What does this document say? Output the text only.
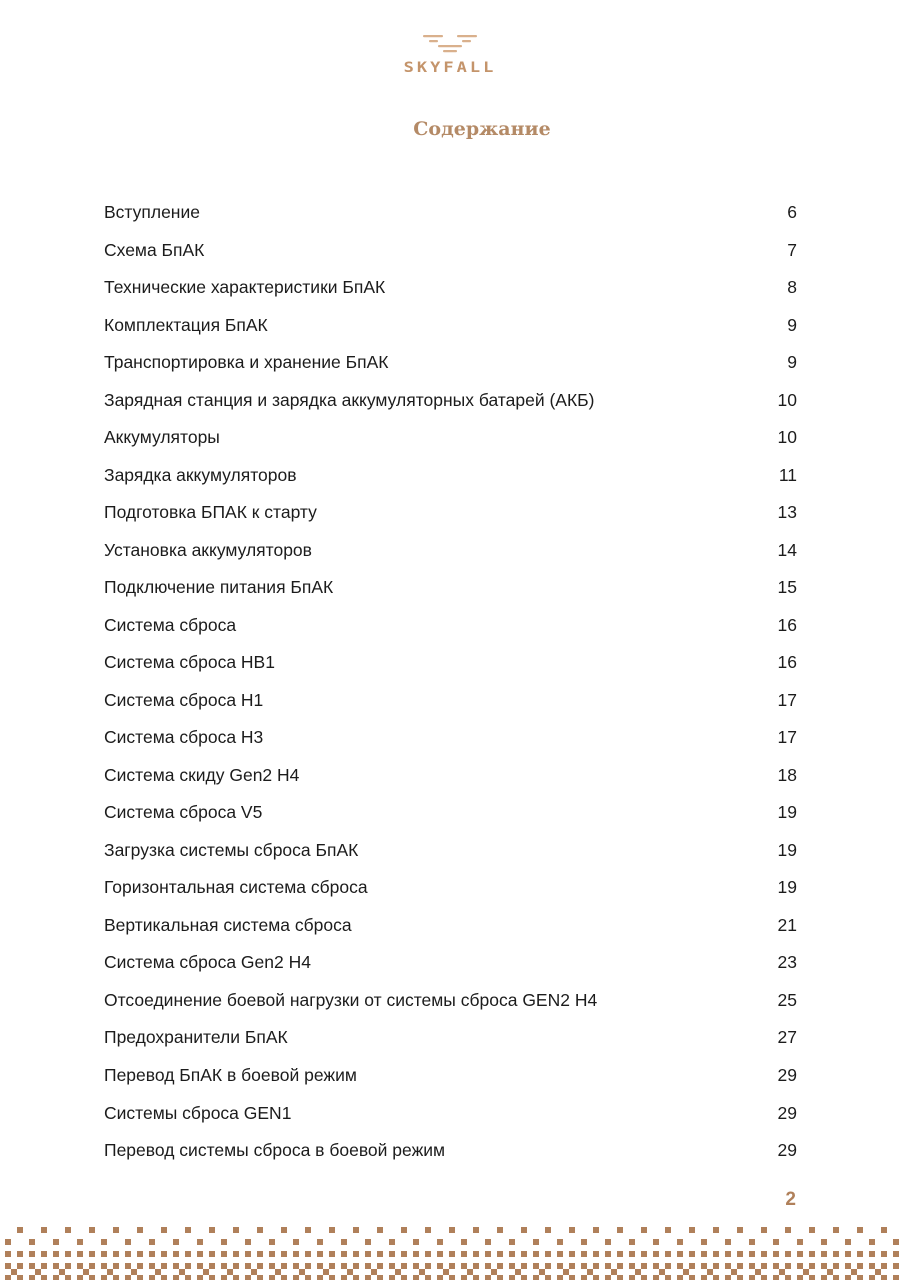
SKYFALL
Содержание
Вступление	6
Схема БпАК	7
Технические характеристики БпАК	8
Комплектация БпАК	9
Транспортировка и хранение БпАК	9
Зарядная станция и зарядка аккумуляторных батарей (АКБ)	10
Аккумуляторы	10
Зарядка аккумуляторов	11
Подготовка БПАК к старту	13
Установка аккумуляторов	14
Подключение питания БпАК	15
Система сброса	16
Система сброса HB1	16
Система сброса H1	17
Система сброса H3	17
Система скиду Gen2 H4	18
Система сброса V5	19
Загрузка системы сброса БпАК	19
Горизонтальная система сброса	19
Вертикальная система сброса	21
Система сброса Gen2 H4	23
Отсоединение боевой нагрузки от системы сброса GEN2 H4	25
Предохранители БпАК	27
Перевод БпАК в боевой режим	29
Системы сброса GEN1	29
Перевод системы сброса в боевой режим	29
2
